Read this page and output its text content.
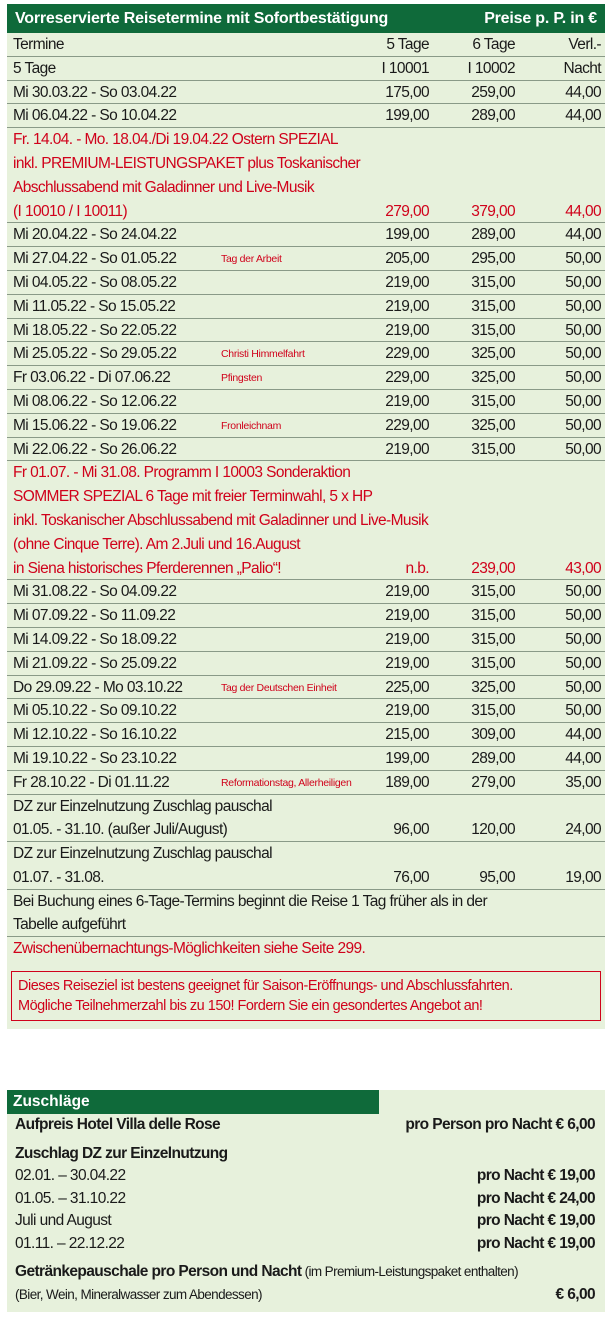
Vorreservierte Reisetermine mit Sofortbestätigung	Preise p. P. in €
Termine	5 Tage	6 Tage	Verl.-
5 Tage	I 10001	I 10002	Nacht
Mi 30.03.22 - So 03.04.22	175,00	259,00	44,00
Mi 06.04.22 - So 10.04.22	199,00	289,00	44,00
Fr. 14.04. - Mo. 18.04./Di 19.04.22 Ostern SPEZIAL
inkl. PREMIUM-LEISTUNGSPAKET plus Toskanischer
Abschlussabend mit Galadinner und Live-Musik
(I 10010 / I 10011)	279,00	379,00	44,00
Mi 20.04.22 - So 24.04.22	199,00	289,00	44,00
Mi 27.04.22 - So 01.05.22	Tag der Arbeit	205,00	295,00	50,00
Mi 04.05.22 - So 08.05.22	219,00	315,00	50,00
Mi 11.05.22 - So 15.05.22	219,00	315,00	50,00
Mi 18.05.22 - So 22.05.22	219,00	315,00	50,00
Mi 25.05.22 - So 29.05.22	Christi Himmelfahrt	229,00	325,00	50,00
Fr 03.06.22 - Di 07.06.22	Pfingsten	229,00	325,00	50,00
Mi 08.06.22 - So 12.06.22	219,00	315,00	50,00
Mi 15.06.22 - So 19.06.22	Fronleichnam	229,00	325,00	50,00
Mi 22.06.22 - So 26.06.22	219,00	315,00	50,00
Fr 01.07. - Mi 31.08. Programm I 10003 Sonderaktion
SOMMER SPEZIAL 6 Tage mit freier Terminwahl, 5 x HP
inkl. Toskanischer Abschlussabend mit Galadinner und Live-Musik
(ohne Cinque Terre). Am 2.Juli und 16.August
in Siena historisches Pferderennen „Palio“!	n.b.	239,00	43,00
Mi 31.08.22 - So 04.09.22	219,00	315,00	50,00
Mi 07.09.22 - So 11.09.22	219,00	315,00	50,00
Mi 14.09.22 - So 18.09.22	219,00	315,00	50,00
Mi 21.09.22 - So 25.09.22	219,00	315,00	50,00
Do 29.09.22 - Mo 03.10.22	Tag der Deutschen Einheit	225,00	325,00	50,00
Mi 05.10.22 - So 09.10.22	219,00	315,00	50,00
Mi 12.10.22 - So 16.10.22	215,00	309,00	44,00
Mi 19.10.22 - So 23.10.22	199,00	289,00	44,00
Fr 28.10.22 - Di 01.11.22	Reformationstag, Allerheiligen	189,00	279,00	35,00
DZ zur Einzelnutzung Zuschlag pauschal
01.05. - 31.10. (außer Juli/August)	96,00	120,00	24,00
DZ zur Einzelnutzung Zuschlag pauschal
01.07. - 31.08.	76,00	95,00	19,00
Bei Buchung eines 6-Tage-Termins beginnt die Reise 1 Tag früher als in der
Tabelle aufgeführt
Zwischenübernachtungs-Möglichkeiten siehe Seite 299.
Dieses Reiseziel ist bestens geeignet für Saison-Eröffnungs- und Abschlussfahrten.
Mögliche Teilnehmerzahl bis zu 150! Fordern Sie ein gesondertes Angebot an!
Zuschläge
Aufpreis Hotel Villa delle Rose	pro Person pro Nacht € 6,00
Zuschlag DZ zur Einzelnutzung
02.01. – 30.04.22	pro Nacht € 19,00
01.05. – 31.10.22	pro Nacht € 24,00
Juli und August	pro Nacht € 19,00
01.11. – 22.12.22	pro Nacht € 19,00
Getränkepauschale pro Person und Nacht (im Premium-Leistungspaket enthalten)
(Bier, Wein, Mineralwasser zum Abendessen)	€ 6,00
